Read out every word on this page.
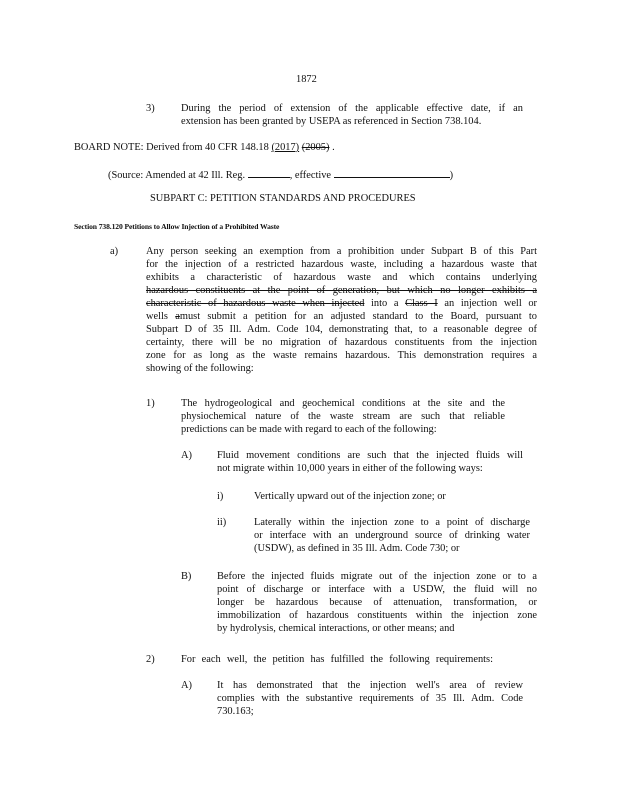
1872
3)	During the period of extension of the applicable effective date, if an
extension has been granted by USEPA as referenced in Section 738.104.
BOARD NOTE: Derived from 40 CFR 148.18 (2017) (2005) .
(Source: Amended at 42 Ill. Reg.	, effective	)
SUBPART C: PETITION STANDARDS AND PROCEDURES
Section 738.120 Petitions to Allow Injection of a Prohibited Waste
a)	Any person seeking an exemption from a prohibition under Subpart B of this Part
for the injection of a restricted hazardous waste, including a hazardous waste that
exhibits a characteristic of hazardous waste and which contains underlying
hazardous constituents at the point of generation, but which no longer exhibits a
characteristic of hazardous waste when injected into a Class I an injection well or
wells amust submit a petition for an adjusted standard to the Board, pursuant to
Subpart D of 35 Ill. Adm. Code 104, demonstrating that, to a reasonable degree of
certainty, there will be no migration of hazardous constituents from the injection
zone for as long as the waste remains hazardous. This demonstration requires a
showing of the following:
1)	The hydrogeological and geochemical conditions at the site and the
physiochemical nature of the waste stream are such that reliable
predictions can be made with regard to each of the following:
A) Fluid movement conditions are such that the injected fluids will
not migrate within 10,000 years in either of the following ways:
i)	Vertically upward out of the injection zone; or
ii)	Laterally within the injection zone to a point of discharge
or interface with an underground source of drinking water
(USDW), as defined in 35 Ill. Adm. Code 730; or
B) Before the injected fluids migrate out of the injection zone or to a
point of discharge or interface with a USDW, the fluid will no
longer be hazardous because of attenuation, transformation, or
immobilization of hazardous constituents within the injection zone
by hydrolysis, chemical interactions, or other means; and
2)	For each well, the petition has fulfilled the following requirements:
A) It has demonstrated that the injection well's area of review
complies with the substantive requirements of 35 Ill. Adm. Code
730.163;
